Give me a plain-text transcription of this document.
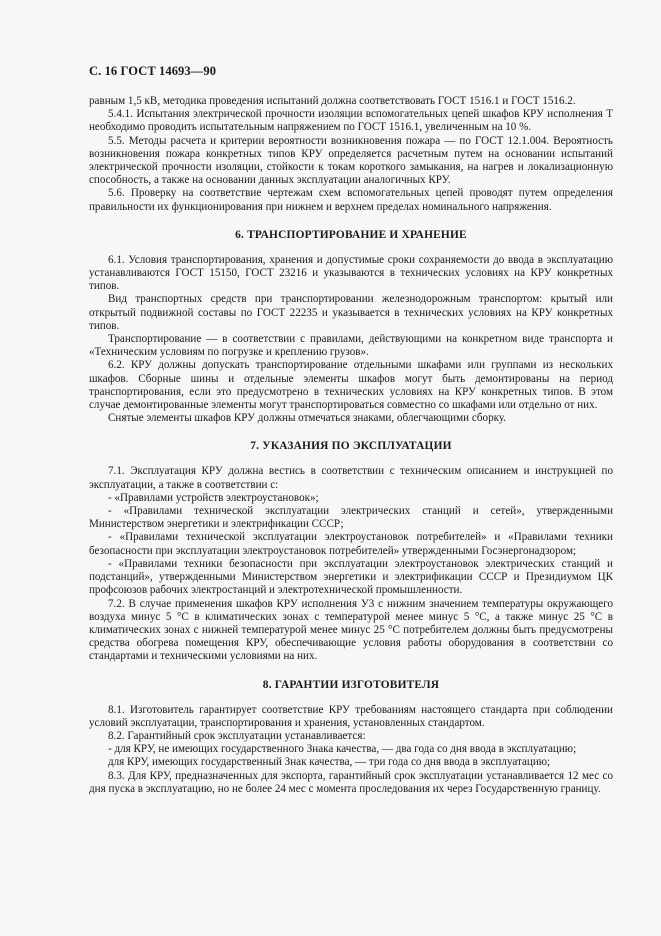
С. 16 ГОСТ 14693—90

равным 1,5 кВ, методика проведения испытаний должна соответствовать ГОСТ 1516.1 и ГОСТ 1516.2.

5.4.1. Испытания электрической прочности изоляции вспомогательных цепей шкафов КРУ исполнения Т необходимо проводить испытательным напряжением по ГОСТ 1516.1, увеличенным на 10 %.

5.5. Методы расчета и критерии вероятности возникновения пожара — по ГОСТ 12.1.004. Вероятность возникновения пожара конкретных типов КРУ определяется расчетным путем на основании испытаний электрической прочности изоляции, стойкости к токам короткого замыкания, на нагрев и локализационную способность, а также на основании данных эксплуатации аналогичных КРУ.

5.6. Проверку на соответствие чертежам схем вспомогательных цепей проводят путем определения правильности их функционирования при нижнем и верхнем пределах номинального напряжения.

6. ТРАНСПОРТИРОВАНИЕ И ХРАНЕНИЕ

6.1. Условия транспортирования, хранения и допустимые сроки сохраняемости до ввода в эксплуатацию устанавливаются ГОСТ 15150, ГОСТ 23216 и указываются в технических условиях на КРУ конкретных типов.

Вид транспортных средств при транспортировании железнодорожным транспортом: крытый или открытый подвижной составы по ГОСТ 22235 и указывается в технических условиях на КРУ конкретных типов.

Транспортирование — в соответствии с правилами, действующими на конкретном виде транспорта и «Техническим условиям по погрузке и креплению грузов».

6.2. КРУ должны допускать транспортирование отдельными шкафами или группами из нескольких шкафов. Сборные шины и отдельные элементы шкафов могут быть демонтированы на период транспортирования, если это предусмотрено в технических условиях на КРУ конкретных типов. В этом случае демонтированные элементы могут транспортироваться совместно со шкафами или отдельно от них.

Снятые элементы шкафов КРУ должны отмечаться знаками, облегчающими сборку.

7. УКАЗАНИЯ ПО ЭКСПЛУАТАЦИИ

7.1. Эксплуатация КРУ должна вестись в соответствии с техническим описанием и инструкцией по эксплуатации, а также в соответствии с:

- «Правилами устройств электроустановок»;

- «Правилами технической эксплуатации электрических станций и сетей», утвержденными Министерством энергетики и электрификации СССР;

- «Правилами технической эксплуатации электроустановок потребителей» и «Правилами техники безопасности при эксплуатации электроустановок потребителей» утвержденными Госэнергонадзором;

- «Правилами техники безопасности при эксплуатации электроустановок электрических станций и подстанций», утвержденными Министерством энергетики и электрификации СССР и Президиумом ЦК профсоюзов рабочих электростанций и электротехнической промышленности.

7.2. В случае применения шкафов КРУ исполнения У3 с нижним значением температуры окружающего воздуха минус 5 °С в климатических зонах с температурой менее минус 5 °С, а также минус 25 °С в климатических зонах с нижней температурой менее минус 25 °С потребителем должны быть предусмотрены средства обогрева помещения КРУ, обеспечивающие условия работы оборудования в соответствии со стандартами и техническими условиями на них.

8. ГАРАНТИИ ИЗГОТОВИТЕЛЯ

8.1. Изготовитель гарантирует соответствие КРУ требованиям настоящего стандарта при соблюдении условий эксплуатации, транспортирования и хранения, установленных стандартом.

8.2. Гарантийный срок эксплуатации устанавливается:

- для КРУ, не имеющих государственного Знака качества, — два года со дня ввода в эксплуатацию;

для КРУ, имеющих государственный Знак качества, — три года со дня ввода в эксплуатацию;

8.3. Для КРУ, предназначенных для экспорта, гарантийный срок эксплуатации устанавливается 12 мес со дня пуска в эксплуатацию, но не более 24 мес с момента проследования их через Государственную границу.
